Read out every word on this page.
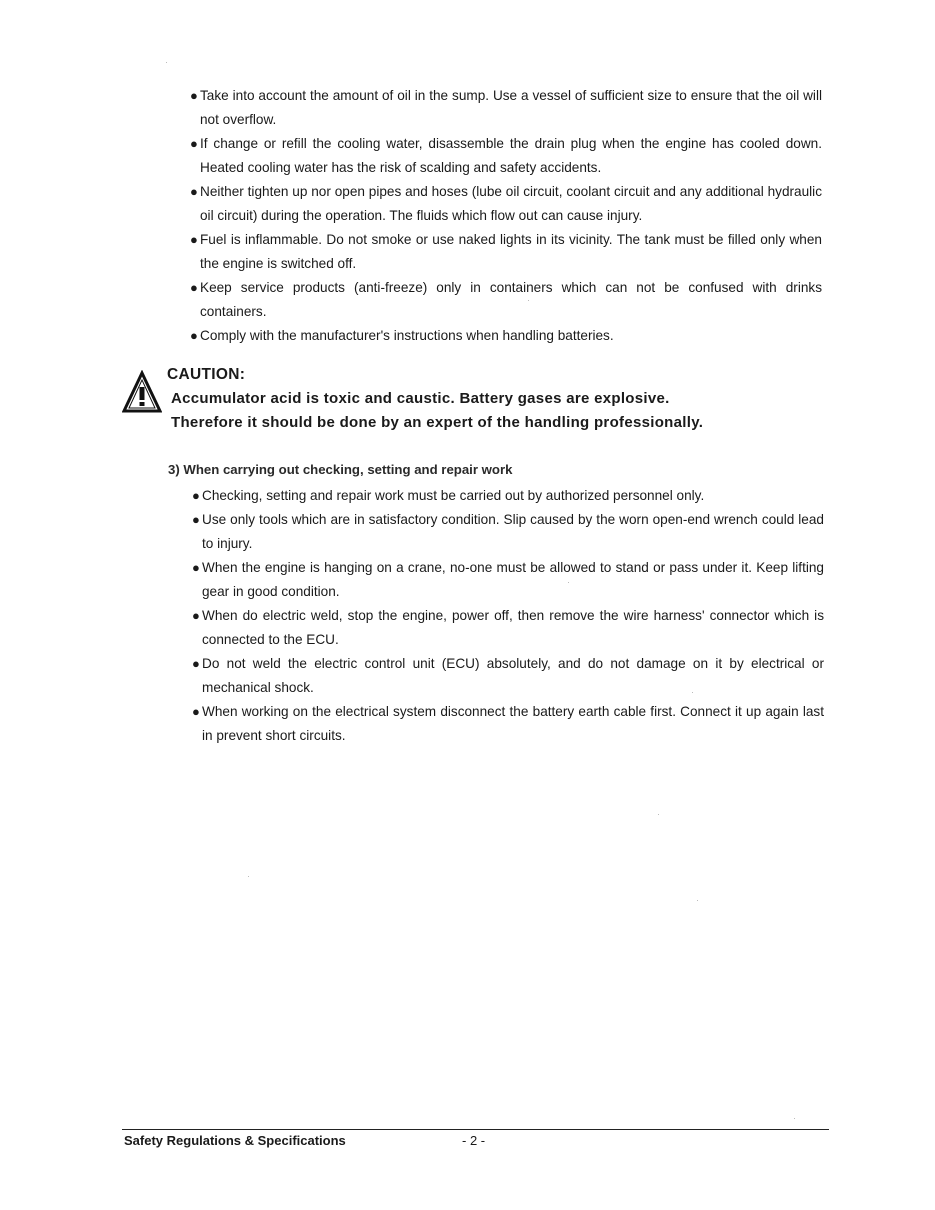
● Take into account the amount of oil in the sump. Use a vessel of sufficient size to ensure that the oil will not overflow.
● If change or refill the cooling water, disassemble the drain plug when the engine has cooled down. Heated cooling water has the risk of scalding and safety accidents.
● Neither tighten up nor open pipes and hoses (lube oil circuit, coolant circuit and any additional hydraulic oil circuit) during the operation. The fluids which flow out can cause injury.
● Fuel is inflammable. Do not smoke or use naked lights in its vicinity. The tank must be filled only when the engine is switched off.
● Keep service products (anti-freeze) only in containers which can not be confused with drinks containers.
● Comply with the manufacturer's instructions when handling batteries.
CAUTION:
Accumulator acid is toxic and caustic. Battery gases are explosive.
Therefore it should be done by an expert of the handling professionally.
3) When carrying out checking, setting and repair work
● Checking, setting and repair work must be carried out by authorized personnel only.
● Use only tools which are in satisfactory condition. Slip caused by the worn open-end wrench could lead to injury.
● When the engine is hanging on a crane, no-one must be allowed to stand or pass under it. Keep lifting gear in good condition.
● When do electric weld, stop the engine, power off, then remove the wire harness' connector which is connected to the ECU.
● Do not weld the electric control unit (ECU) absolutely, and do not damage on it by electrical or mechanical shock.
● When working on the electrical system disconnect the battery earth cable first. Connect it up again last in prevent short circuits.
Safety Regulations & Specifications	- 2 -
